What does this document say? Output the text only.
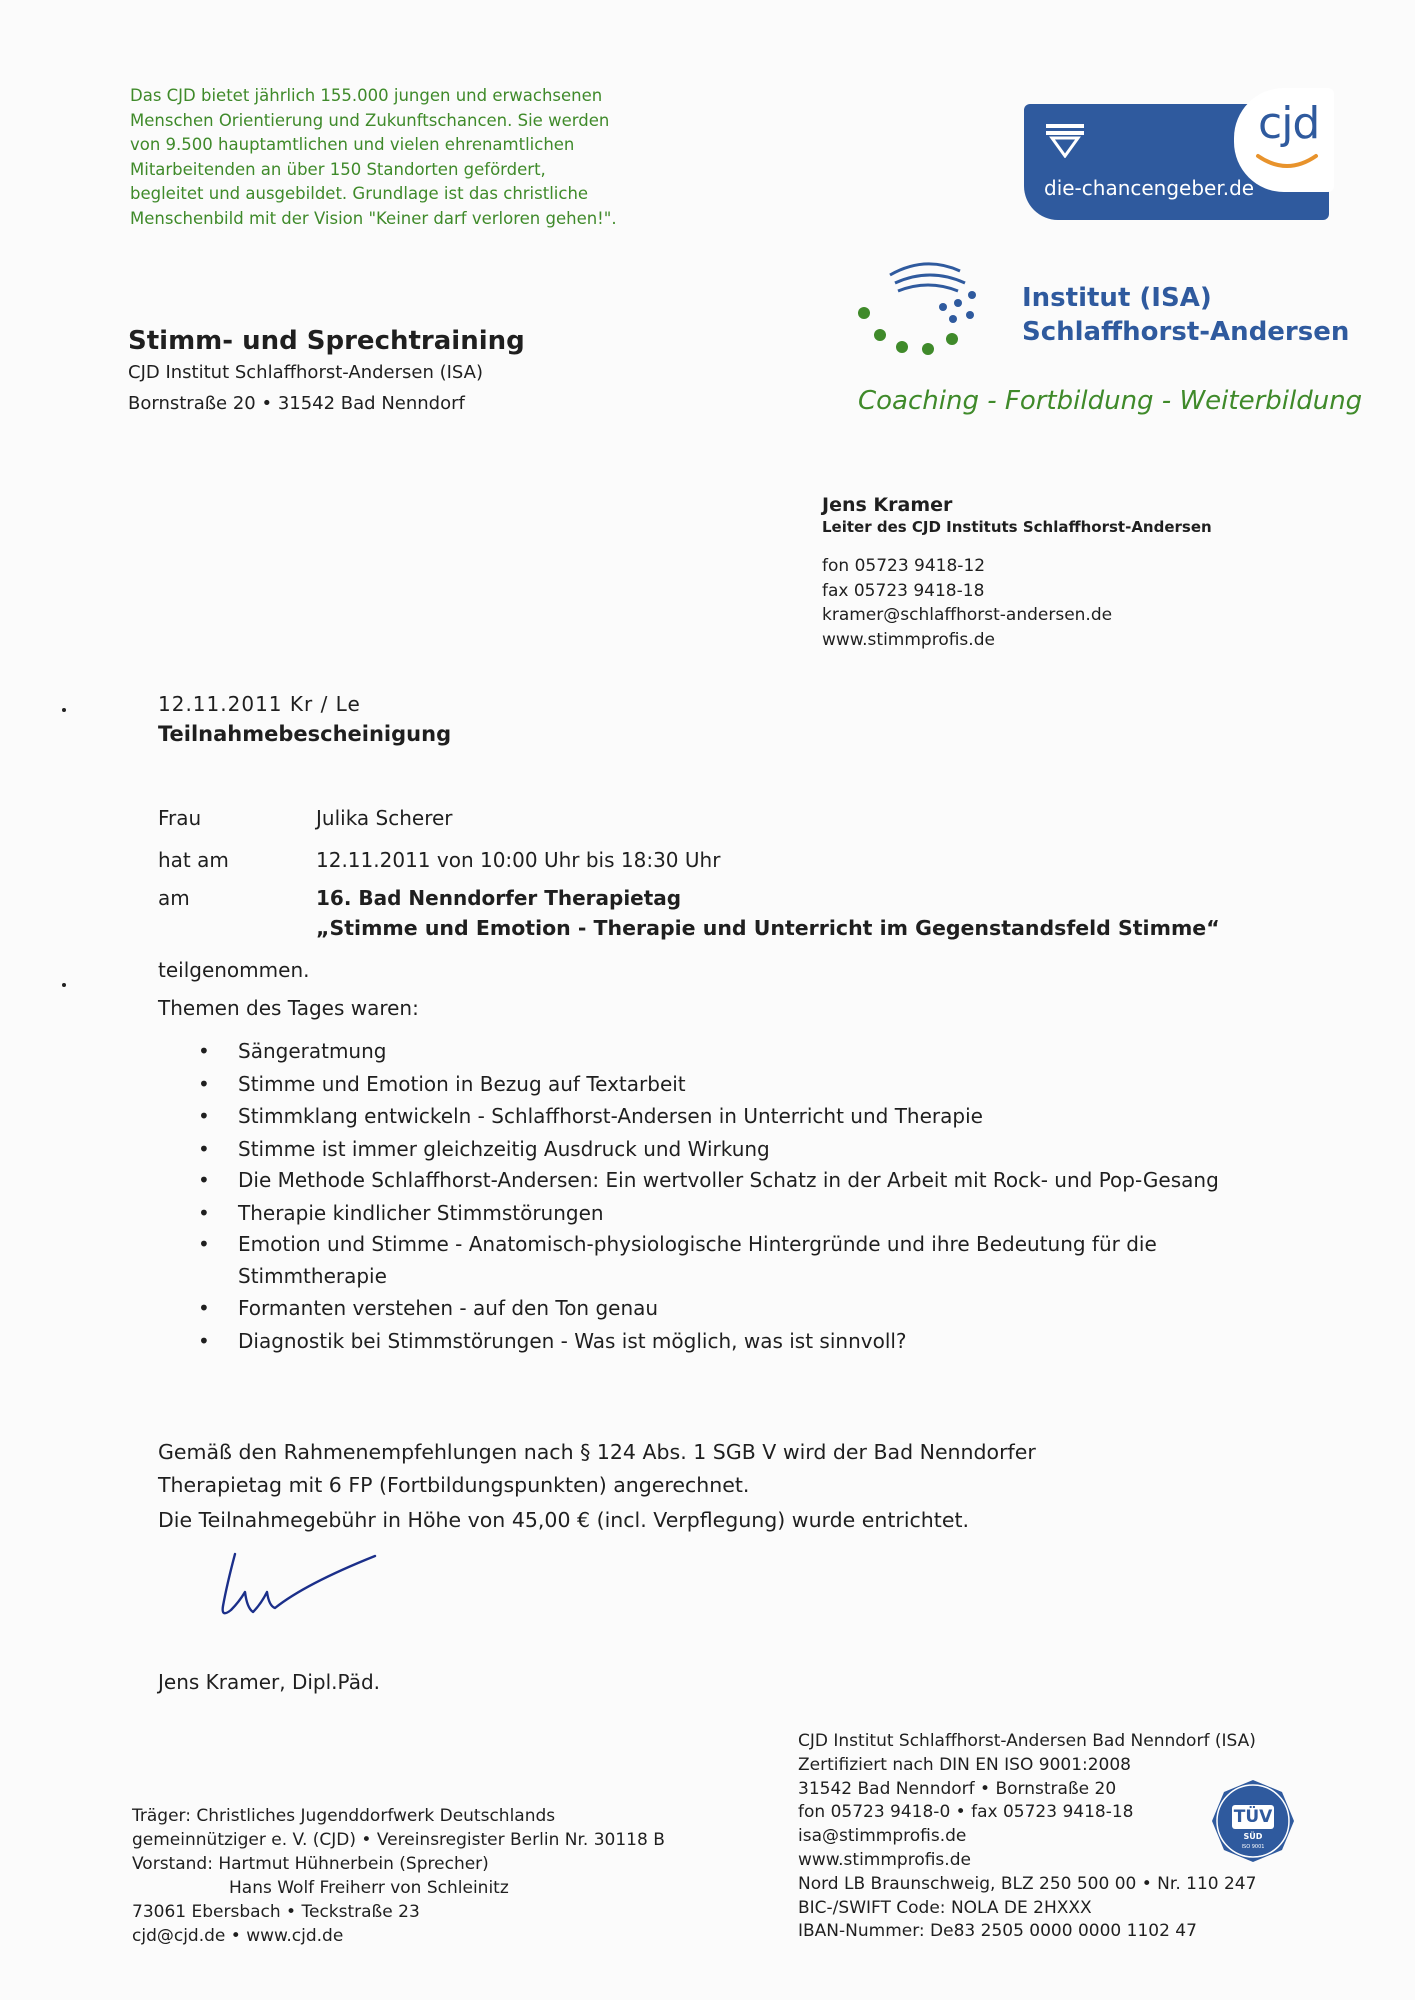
Das CJD bietet jährlich 155.000 jungen und erwachsenen
Menschen Orientierung und Zukunftschancen. Sie werden
von 9.500 hauptamtlichen und vielen ehrenamtlichen
Mitarbeitenden an über 150 Standorten gefördert,
begleitet und ausgebildet. Grundlage ist das christliche
Menschenbild mit der Vision "Keiner darf verloren gehen!".
die-chancengeber.de
cjd
Institut (ISA)
Schlaffhorst-Andersen
Coaching - Fortbildung - Weiterbildung
Stimm- und Sprechtraining
CJD Institut Schlaffhorst-Andersen (ISA)
Bornstraße 20 • 31542 Bad Nenndorf
Jens Kramer
Leiter des CJD Instituts Schlaffhorst-Andersen
fon 05723 9418-12
fax 05723 9418-18
kramer@schlaffhorst-andersen.de
www.stimmprofis.de
12.11.2011 Kr / Le
Teilnahmebescheinigung
Frau	Julika Scherer
hat am	12.11.2011 von 10:00 Uhr bis 18:30 Uhr
am	16. Bad Nenndorfer Therapietag
„Stimme und Emotion - Therapie und Unterricht im Gegenstandsfeld Stimme“
teilgenommen.
Themen des Tages waren:
• Sängeratmung
• Stimme und Emotion in Bezug auf Textarbeit
• Stimmklang entwickeln - Schlaffhorst-Andersen in Unterricht und Therapie
• Stimme ist immer gleichzeitig Ausdruck und Wirkung
• Die Methode Schlaffhorst-Andersen: Ein wertvoller Schatz in der Arbeit mit Rock- und Pop-Gesang
• Therapie kindlicher Stimmstörungen
• Emotion und Stimme - Anatomisch-physiologische Hintergründe und ihre Bedeutung für die Stimmtherapie
• Formanten verstehen - auf den Ton genau
• Diagnostik bei Stimmstörungen - Was ist möglich, was ist sinnvoll?
Gemäß den Rahmenempfehlungen nach § 124 Abs. 1 SGB V wird der Bad Nenndorfer
Therapietag mit 6 FP (Fortbildungspunkten) angerechnet.
Die Teilnahmegebühr in Höhe von 45,00 € (incl. Verpflegung) wurde entrichtet.
Jens Kramer, Dipl.Päd.
Träger: Christliches Jugenddorfwerk Deutschlands
gemeinnütziger e. V. (CJD) • Vereinsregister Berlin Nr. 30118 B
Vorstand: Hartmut Hühnerbein (Sprecher)
Hans Wolf Freiherr von Schleinitz
73061 Ebersbach • Teckstraße 23
cjd@cjd.de • www.cjd.de
CJD Institut Schlaffhorst-Andersen Bad Nenndorf (ISA)
Zertifiziert nach DIN EN ISO 9001:2008
31542 Bad Nenndorf • Bornstraße 20
fon 05723 9418-0 • fax 05723 9418-18
isa@stimmprofis.de
www.stimmprofis.de
Nord LB Braunschweig, BLZ 250 500 00 • Nr. 110 247
BIC-/SWIFT Code: NOLA DE 2HXXX
IBAN-Nummer: De83 2505 0000 0000 1102 47
TÜV
SÜD
ISO 9001
